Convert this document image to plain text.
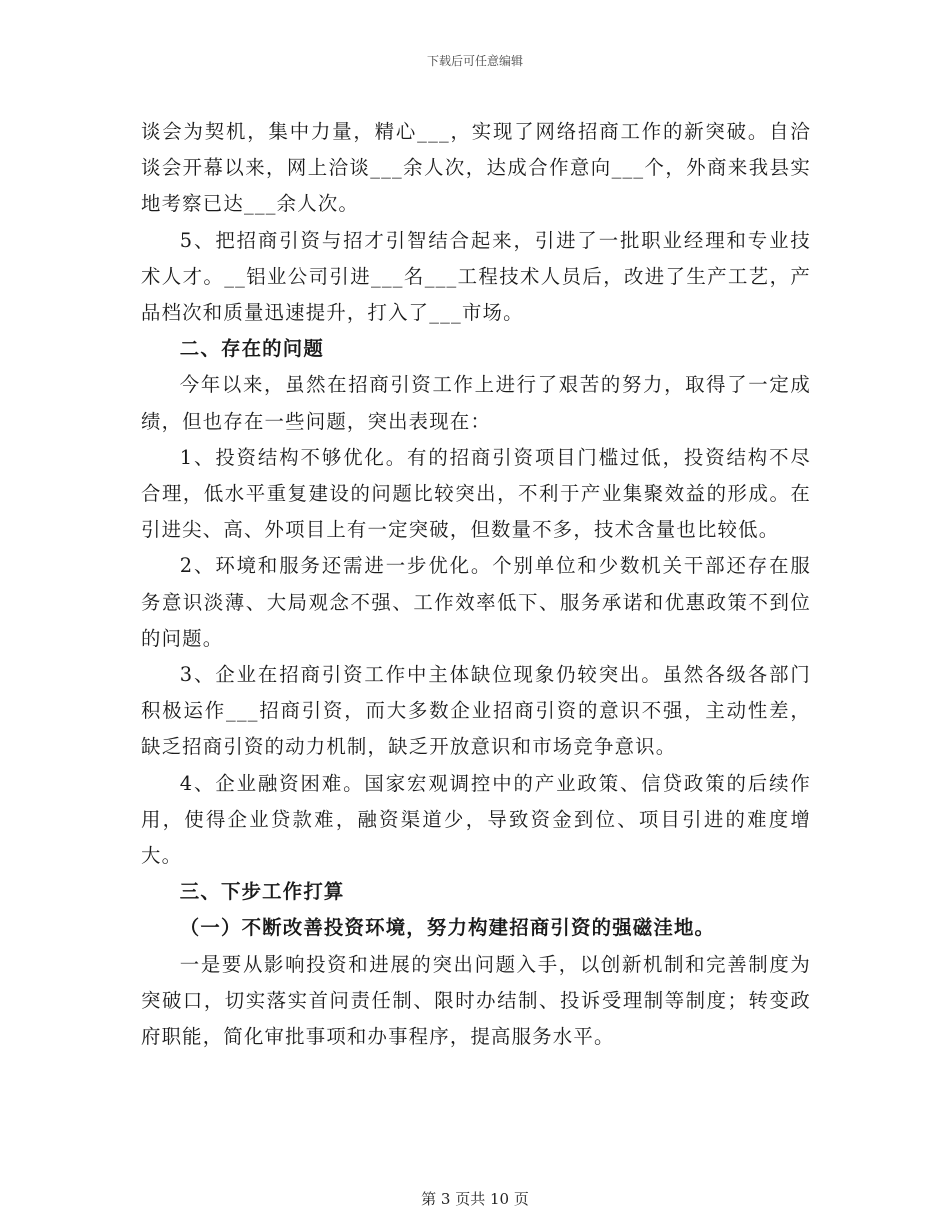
下载后可任意编辑

谈会为契机，集中力量，精心___，实现了网络招商工作的新突破。自洽谈会开幕以来，网上洽谈___余人次，达成合作意向___个，外商来我县实地考察已达___余人次。

5、把招商引资与招才引智结合起来，引进了一批职业经理和专业技术人才。__铝业公司引进___名___工程技术人员后，改进了生产工艺，产品档次和质量迅速提升，打入了___市场。

二、存在的问题

今年以来，虽然在招商引资工作上进行了艰苦的努力，取得了一定成绩，但也存在一些问题，突出表现在：

1、投资结构不够优化。有的招商引资项目门槛过低，投资结构不尽合理，低水平重复建设的问题比较突出，不利于产业集聚效益的形成。在引进尖、高、外项目上有一定突破，但数量不多，技术含量也比较低。

2、环境和服务还需进一步优化。个别单位和少数机关干部还存在服务意识淡薄、大局观念不强、工作效率低下、服务承诺和优惠政策不到位的问题。

3、企业在招商引资工作中主体缺位现象仍较突出。虽然各级各部门积极运作___招商引资，而大多数企业招商引资的意识不强，主动性差，缺乏招商引资的动力机制，缺乏开放意识和市场竞争意识。

4、企业融资困难。国家宏观调控中的产业政策、信贷政策的后续作用，使得企业贷款难，融资渠道少，导致资金到位、项目引进的难度增大。

三、下步工作打算

（一）不断改善投资环境，努力构建招商引资的强磁洼地。

一是要从影响投资和进展的突出问题入手，以创新机制和完善制度为突破口，切实落实首问责任制、限时办结制、投诉受理制等制度；转变政府职能，简化审批事项和办事程序，提高服务水平。

第 3 页共 10 页
